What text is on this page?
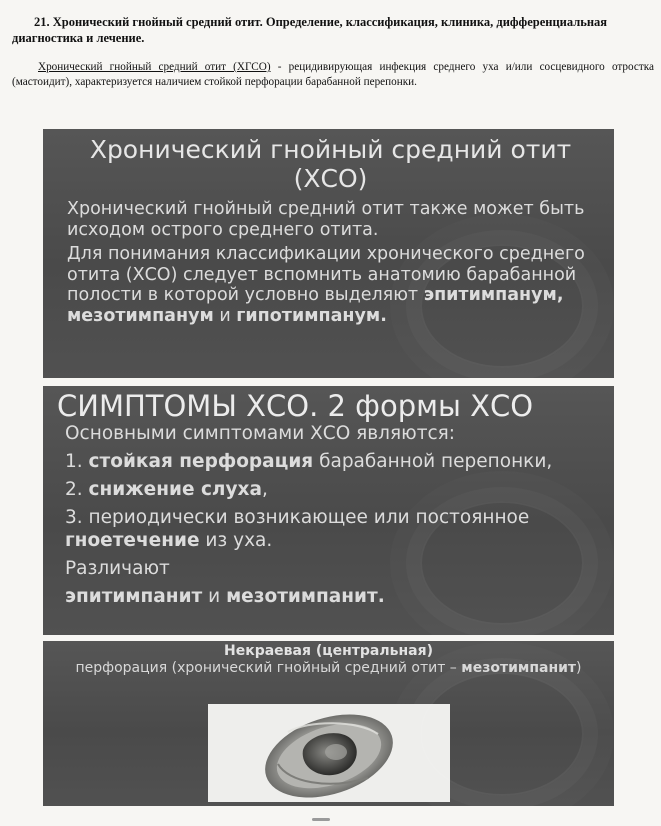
21. Хронический гнойный средний отит. Определение, классификация, клиника, дифференциальная диагностика и лечение.
Хронический гнойный средний отит (ХГСО) - рецидивирующая инфекция среднего уха и/или сосцевидного отростка (мастоидит), характеризуется наличием стойкой перфорации барабанной перепонки.
Хронический гнойный средний отит (ХСО)
Хронический гнойный средний отит также может быть исходом острого среднего отита.
Для понимания классификации хронического среднего отита (ХСО) следует вспомнить анатомию барабанной полости в которой условно выделяют эпитимпанум, мезотимпанум и гипотимпанум.
СИМПТОМЫ ХСО. 2 формы ХСО
Основными симптомами ХСО являются:
1. стойкая перфорация барабанной перепонки,
2. снижение слуха,
3. периодически возникающее или постоянное гноетечение из уха.
Различают
эпитимпанит и мезотимпанит.
Некраевая (центральная)
перфорация (хронический гнойный средний отит – мезотимпанит)
